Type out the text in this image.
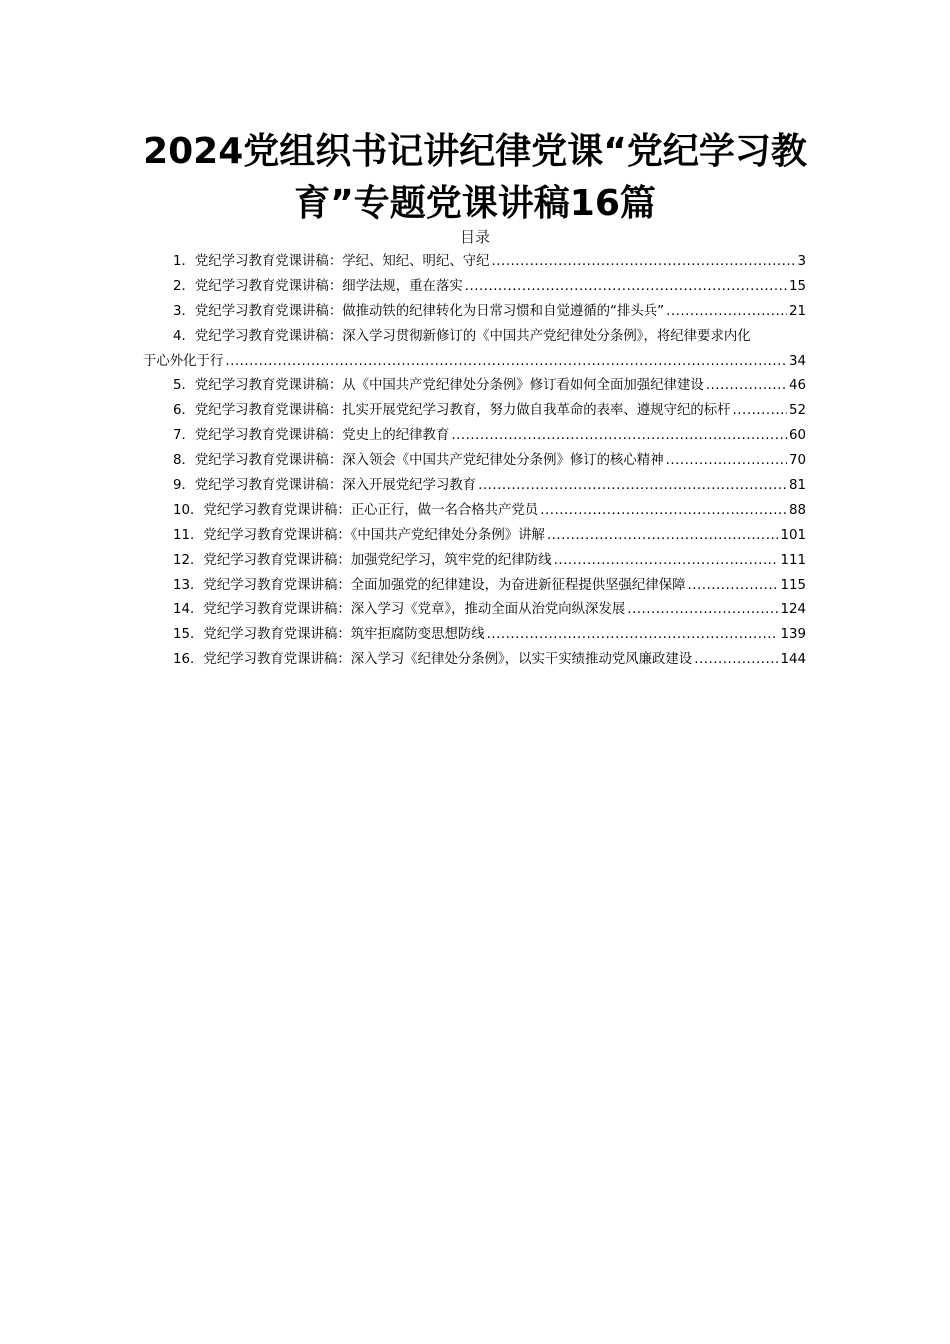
2024党组织书记讲纪律党课“党纪学习教
育”专题党课讲稿16篇
目录
1．党纪学习教育党课讲稿：学纪、知纪、明纪、守纪 .....	3
2．党纪学习教育党课讲稿：细学法规，重在落实 .....	15
3．党纪学习教育党课讲稿：做推动铁的纪律转化为日常习惯和自觉遵循的“排头兵” .....	21
4．党纪学习教育党课讲稿：深入学习贯彻新修订的《中国共产党纪律处分条例》，将纪律要求内化
于心外化于行 .....	34
5．党纪学习教育党课讲稿：从《中国共产党纪律处分条例》修订看如何全面加强纪律建设 .....	46
6．党纪学习教育党课讲稿：扎实开展党纪学习教育，努力做自我革命的表率、遵规守纪的标杆 .....	52
7．党纪学习教育党课讲稿：党史上的纪律教育 .....	60
8．党纪学习教育党课讲稿：深入领会《中国共产党纪律处分条例》修订的核心精神 .....	70
9．党纪学习教育党课讲稿：深入开展党纪学习教育 .....	81
10．党纪学习教育党课讲稿：正心正行，做一名合格共产党员 .....	88
11．党纪学习教育党课讲稿：《中国共产党纪律处分条例》讲解 .....	101
12．党纪学习教育党课讲稿：加强党纪学习，筑牢党的纪律防线 .....	111
13．党纪学习教育党课讲稿：全面加强党的纪律建设，为奋进新征程提供坚强纪律保障 .....	115
14．党纪学习教育党课讲稿：深入学习《党章》，推动全面从治党向纵深发展 .....	124
15．党纪学习教育党课讲稿：筑牢拒腐防变思想防线 .....	139
16．党纪学习教育党课讲稿：深入学习《纪律处分条例》，以实干实绩推动党风廉政建设 .....	144
